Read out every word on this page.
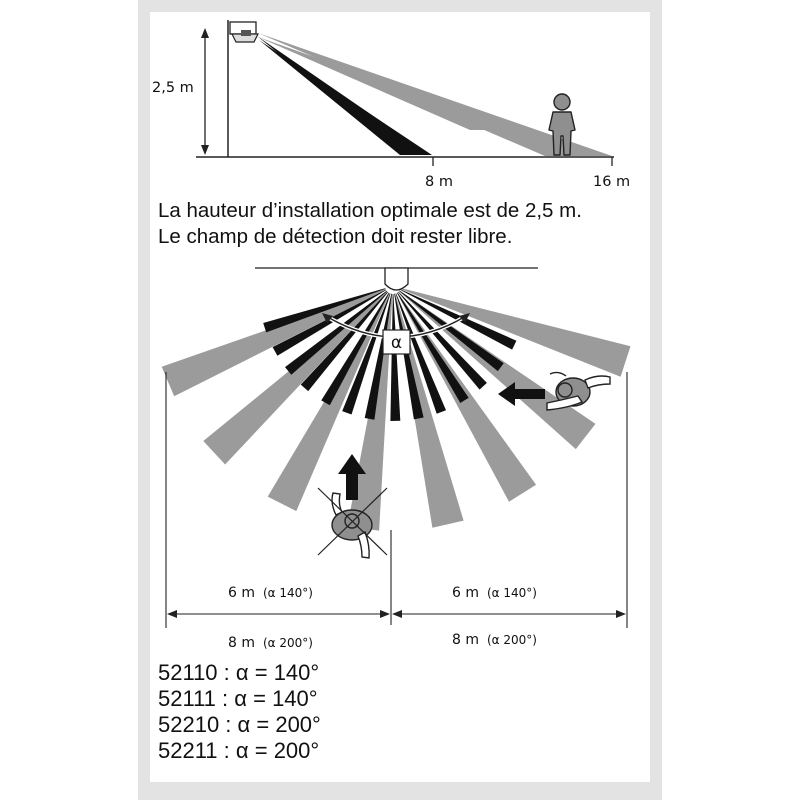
2,5 m
8 m	16 m
α
6 m (α 140°)	6 m (α 140°)
8 m (α 200°)	8 m (α 200°)
La hauteur d’installation optimale est de 2,5 m.
Le champ de détection doit rester libre.
52110 : α = 140°
52111 : α = 140°
52210 : α = 200°
52211 : α = 200°
